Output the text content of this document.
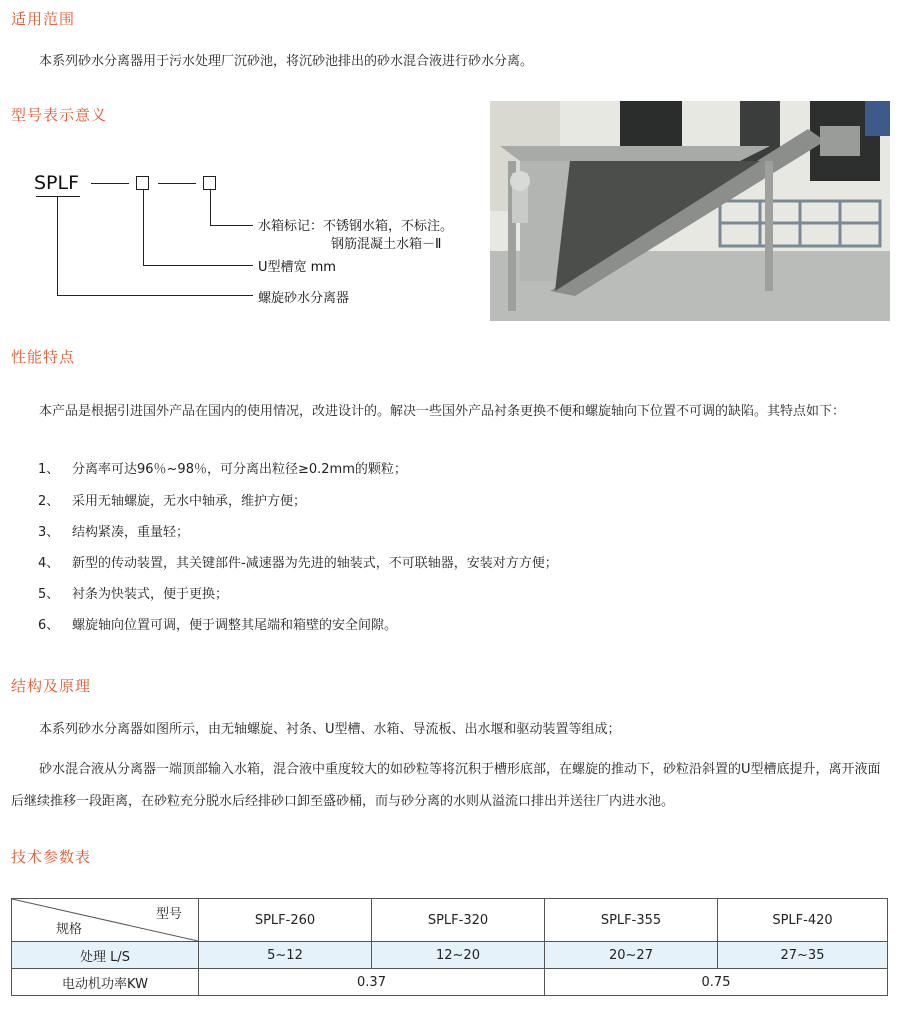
适用范围

本系列砂水分离器用于污水处理厂沉砂池，将沉砂池排出的砂水混合液进行砂水分离。

型号表示意义
SPLF
水箱标记：不锈钢水箱，不标注。
钢筋混凝土水箱－Ⅱ
U型槽宽 mm
螺旋砂水分离器
性能特点

本产品是根据引进国外产品在国内的使用情况，改进设计的。解决一些国外产品衬条更换不便和螺旋轴向下位置不可调的缺陷。其特点如下：

1、 分离率可达96％~98％，可分离出粒径≥0.2mm的颗粒；

2、 采用无轴螺旋，无水中轴承，维护方便；

3、 结构紧凑，重量轻；

4、 新型的传动装置，其关键部件-减速器为先进的轴装式，不可联轴器，安装对方方便；

5、 衬条为快装式，便于更换；

6、 螺旋轴向位置可调，便于调整其尾端和箱壁的安全间隙。

结构及原理

本系列砂水分离器如图所示，由无轴螺旋、衬条、U型槽、水箱、导流板、出水堰和驱动装置等组成；

砂水混合液从分离器一端顶部输入水箱，混合液中重度较大的如砂粒等将沉积于槽形底部，在螺旋的推动下，砂粒沿斜置的U型槽底提升，离开液面后继续推移一段距离，在砂粒充分脱水后经排砂口卸至盛砂桶，而与砂分离的水则从溢流口排出并送往厂内进水池。

技术参数表
型号
规格	SPLF-260	SPLF-320	SPLF-355	SPLF-420
处理 L/S	5~12	12~20	20~27	27~35
电动机功率KW	0.37		0.75	
